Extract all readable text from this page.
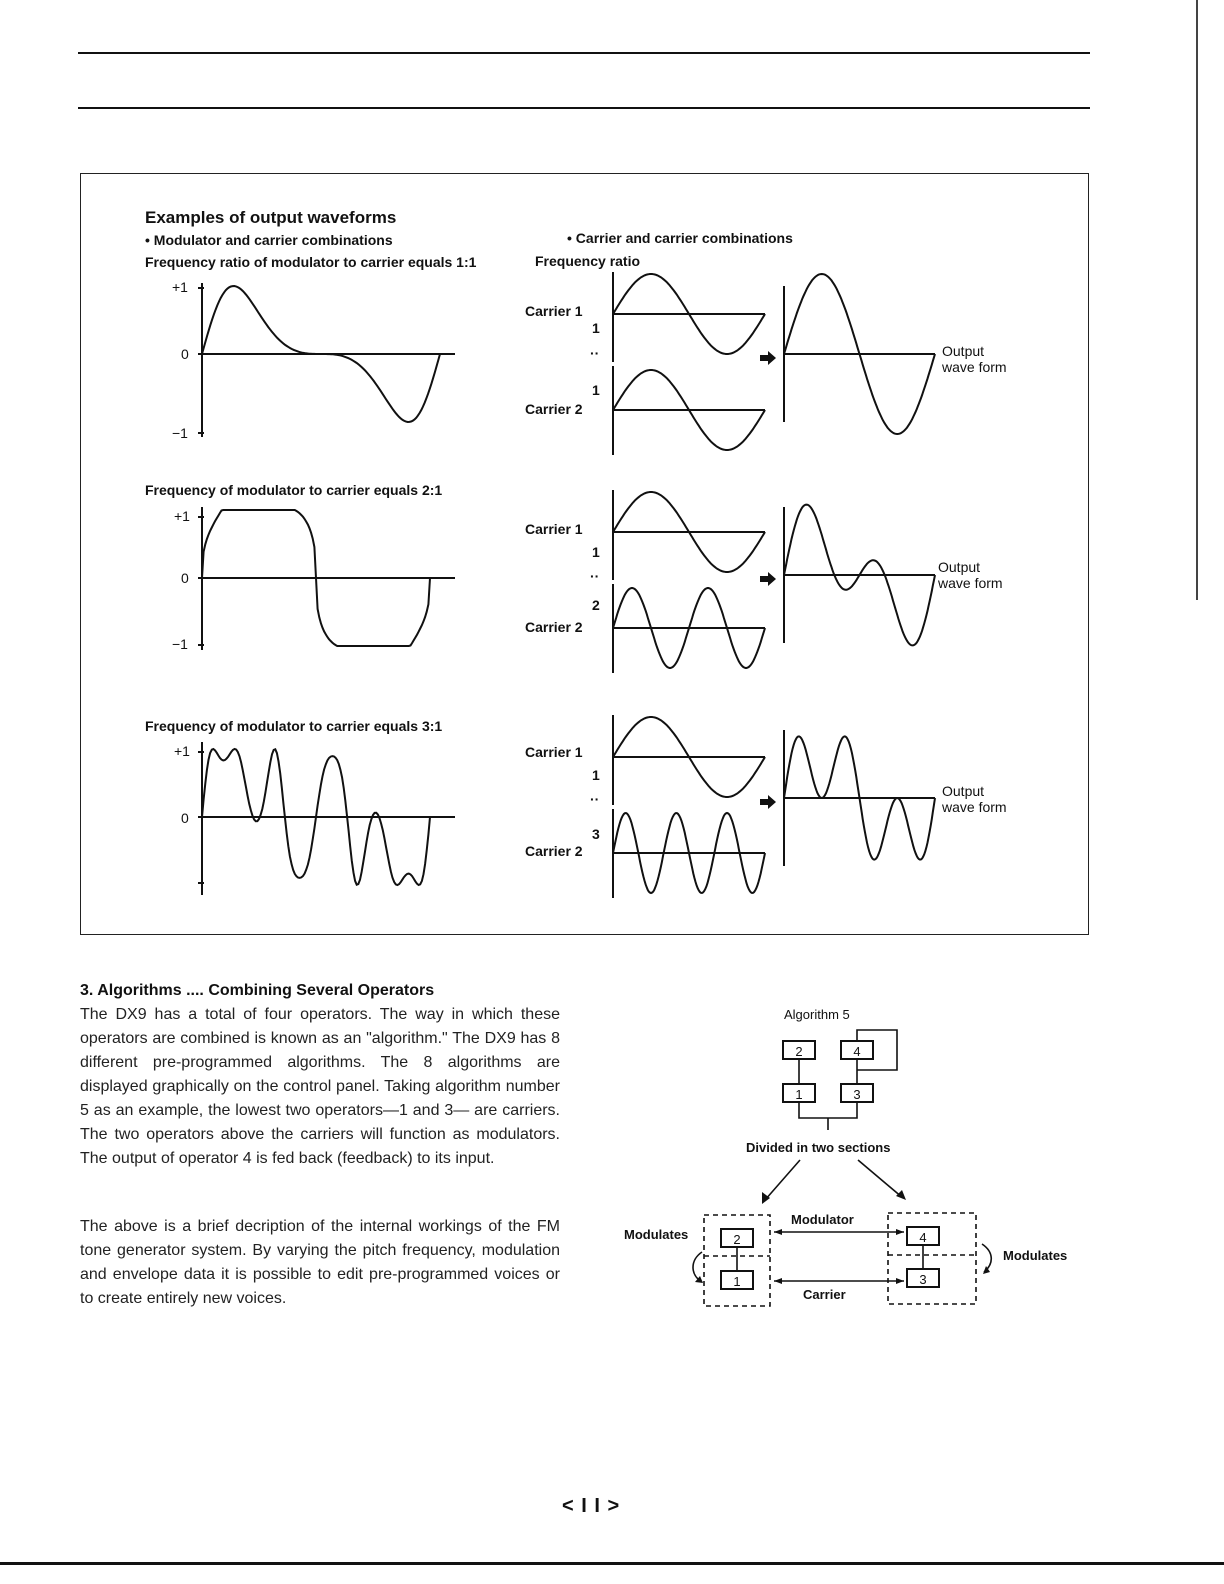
Examples of output waveforms
• Modulator and carrier combinations	• Carrier and carrier combinations
Frequency ratio
Frequency ratio of modulator to carrier equals 1:1
Frequency of modulator to carrier equals 2:1
Frequency of modulator to carrier equals 3:1
+1
0
−1
+1
0
−1
+1
0
Carrier 1
1
··
1
Carrier 2
Output
wave form
Carrier 1
1
··
2
Carrier 2
Output
wave form
Carrier 1
1
··
3
Carrier 2
Output
wave form
3. Algorithms .... Combining Several Operators
The DX9 has a total of four operators. The way in which these operators are combined is known as an "algorithm." The DX9 has 8 different pre-programmed algorithms. The 8 algorithms are displayed graphically on the control panel. Taking algorithm number 5 as an example, the lowest two operators—1 and 3— are carriers. The two operators above the carriers will function as modulators. The output of operator 4 is fed back (feedback) to its input.
The above is a brief decription of the internal workings of the FM tone generator system. By varying the pitch frequency, modulation and envelope data it is possible to edit pre-programmed voices or to create entirely new voices.
Algorithm 5
2	4
1	3
Divided in two sections
2
1
4
3
Modulator
Carrier
Modulates
Modulates
< I I >
